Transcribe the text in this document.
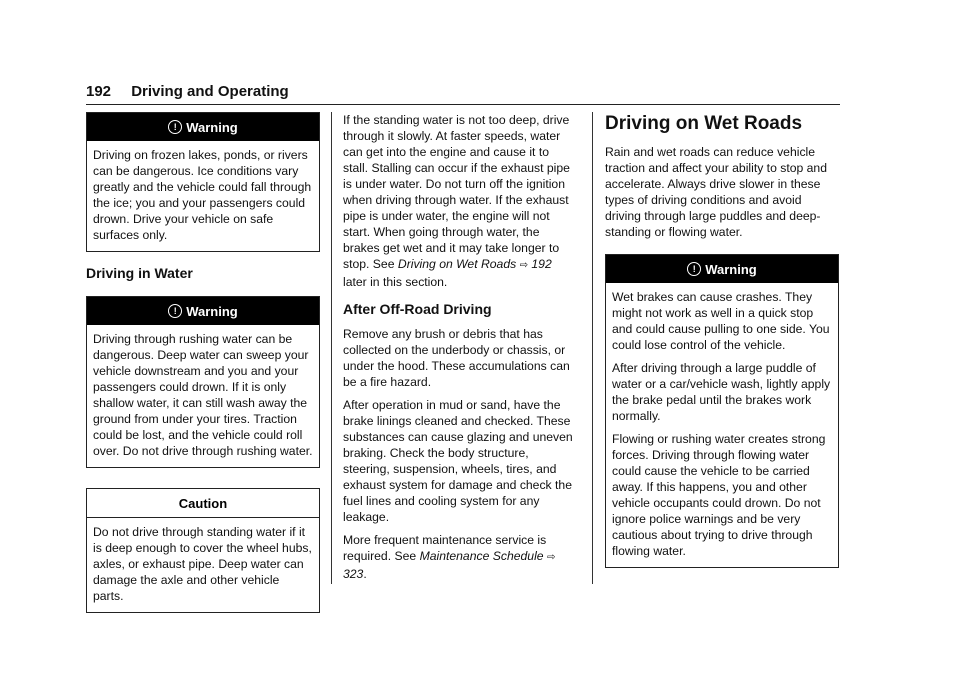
192 Driving and Operating
! Warning

Driving on frozen lakes, ponds, or rivers can be dangerous. Ice conditions vary greatly and the vehicle could fall through the ice; you and your passengers could drown. Drive your vehicle on safe surfaces only.

Driving in Water
! Warning

Driving through rushing water can be dangerous. Deep water can sweep your vehicle downstream and you and your passengers could drown. If it is only shallow water, it can still wash away the ground from under your tires. Traction could be lost, and the vehicle could roll over. Do not drive through rushing water.

Caution

Do not drive through standing water if it is deep enough to cover the wheel hubs, axles, or exhaust pipe. Deep water can damage the axle and other vehicle parts.

If the standing water is not too deep, drive through it slowly. At faster speeds, water can get into the engine and cause it to stall. Stalling can occur if the exhaust pipe is under water. Do not turn off the ignition when driving through water. If the exhaust pipe is under water, the engine will not start. When going through water, the brakes get wet and it may take longer to stop. See Driving on Wet Roads ⇨ 192 later in this section.

After Off-Road Driving

Remove any brush or debris that has collected on the underbody or chassis, or under the hood. These accumulations can be a fire hazard.

After operation in mud or sand, have the brake linings cleaned and checked. These substances can cause glazing and uneven braking. Check the body structure, steering, suspension, wheels, tires, and exhaust system for damage and check the fuel lines and cooling system for any leakage.

More frequent maintenance service is required. See Maintenance Schedule ⇨ 323.

Driving on Wet Roads

Rain and wet roads can reduce vehicle traction and affect your ability to stop and accelerate. Always drive slower in these types of driving conditions and avoid driving through large puddles and deep-standing or flowing water.

! Warning

Wet brakes can cause crashes. They might not work as well in a quick stop and could cause pulling to one side. You could lose control of the vehicle.

After driving through a large puddle of water or a car/vehicle wash, lightly apply the brake pedal until the brakes work normally.

Flowing or rushing water creates strong forces. Driving through flowing water could cause the vehicle to be carried away. If this happens, you and other vehicle occupants could drown. Do not ignore police warnings and be very cautious about trying to drive through flowing water.
